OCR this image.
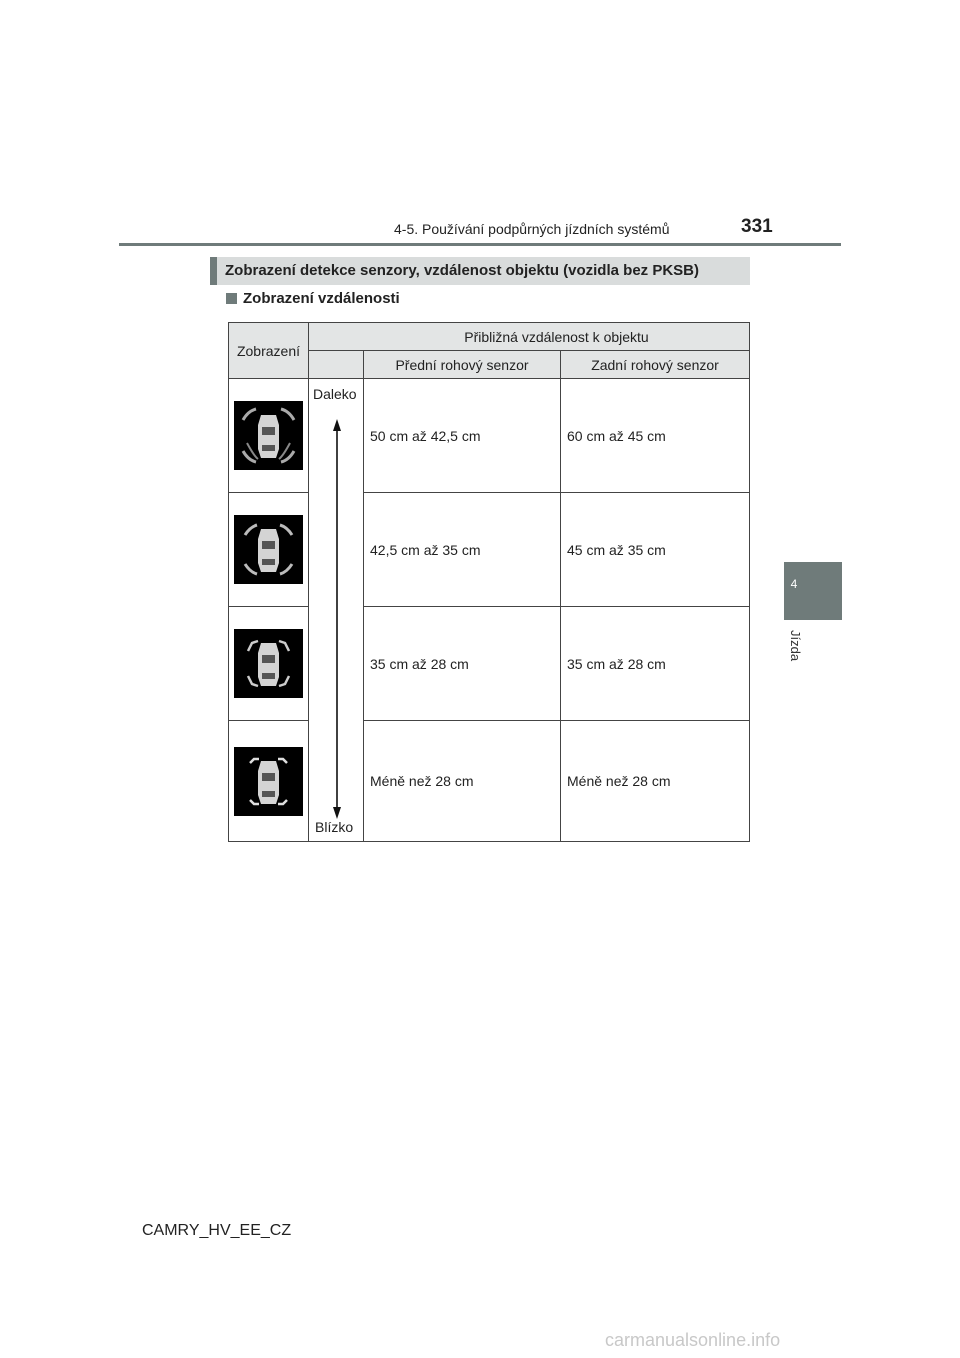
4-5. Používání podpůrných jízdních systémů	331
4
Jízda
Zobrazení detekce senzory, vzdálenost objektu (vozidla bez PKSB)
Zobrazení vzdálenosti
Zobrazení
Přibližná vzdálenost k objektu
Přední rohový senzor	Zadní rohový senzor
Daleko
Blízko
50 cm až 42,5 cm	60 cm až 45 cm
42,5 cm až 35 cm	45 cm až 35 cm
35 cm až 28 cm	35 cm až 28 cm
Méně než 28 cm	Méně než 28 cm
CAMRY_HV_EE_CZ
carmanualsonline.info
